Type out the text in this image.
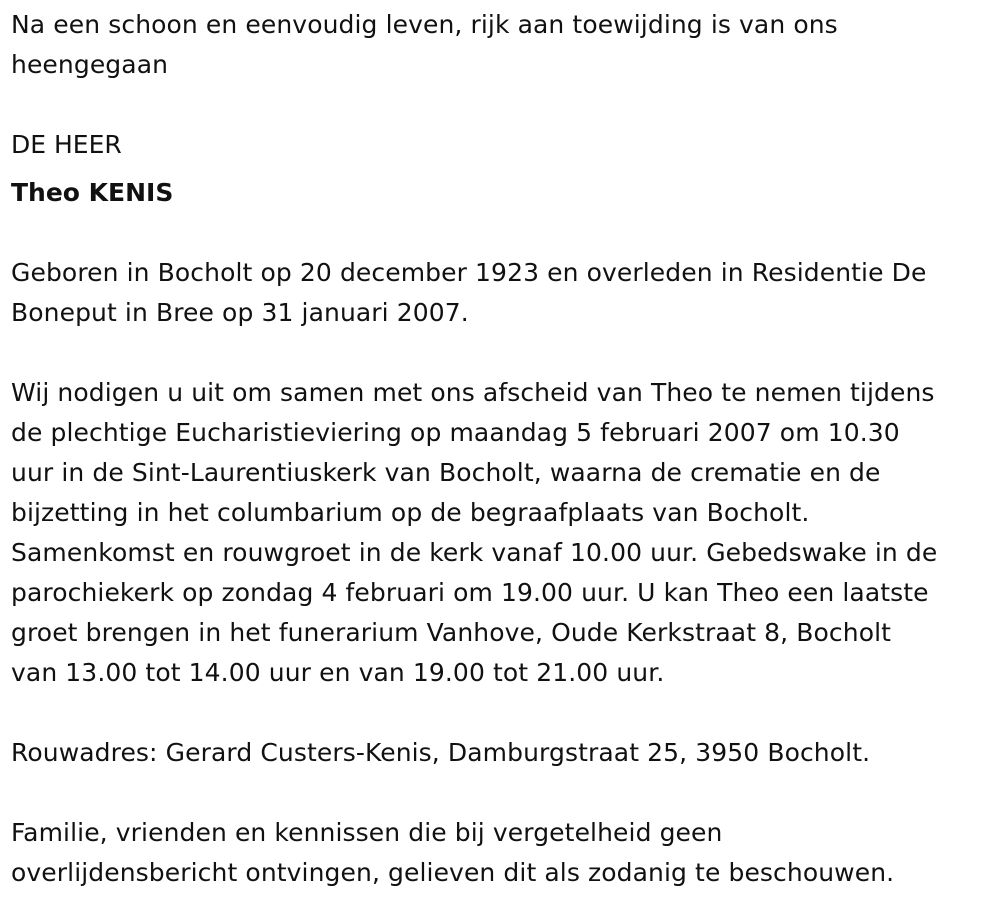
Na een schoon en eenvoudig leven, rijk aan toewijding is van ons
heengegaan

DE HEER

Theo KENIS

Geboren in Bocholt op 20 december 1923 en overleden in Residentie De
Boneput in Bree op 31 januari 2007.

Wij nodigen u uit om samen met ons afscheid van Theo te nemen tijdens
de plechtige Eucharistieviering op maandag 5 februari 2007 om 10.30
uur in de Sint-Laurentiuskerk van Bocholt, waarna de crematie en de
bijzetting in het columbarium op de begraafplaats van Bocholt.
Samenkomst en rouwgroet in de kerk vanaf 10.00 uur. Gebedswake in de
parochiekerk op zondag 4 februari om 19.00 uur. U kan Theo een laatste
groet brengen in het funerarium Vanhove, Oude Kerkstraat 8, Bocholt
van 13.00 tot 14.00 uur en van 19.00 tot 21.00 uur.

Rouwadres: Gerard Custers-Kenis, Damburgstraat 25, 3950 Bocholt.

Familie, vrienden en kennissen die bij vergetelheid geen
overlijdensbericht ontvingen, gelieven dit als zodanig te beschouwen.
